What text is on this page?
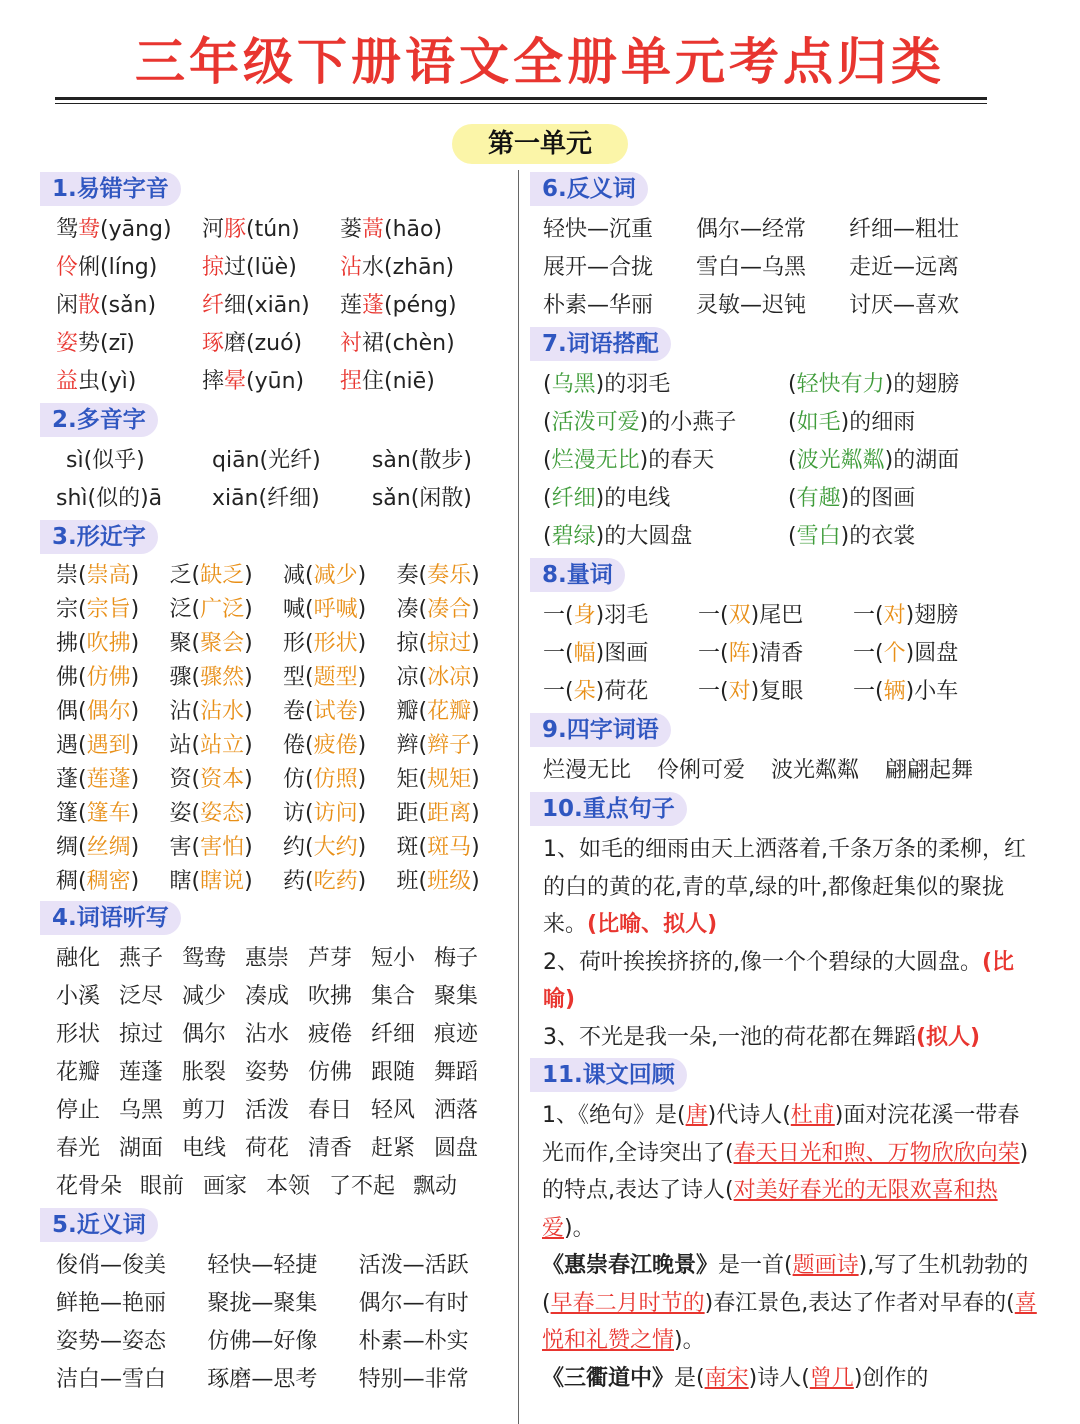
三年级下册语文全册单元考点归类
第一单元
1.易错字音
鸳鸯(yāng)	河豚(tún)	蒌蒿(hāo)
伶俐(líng)	掠过(lüè)	沾水(zhān)
闲散(sǎn)	纤细(xiān)	莲蓬(péng)
姿势(zī)	琢磨(zuó)	衬裙(chèn)
益虫(yì)	摔晕(yūn)	捏住(niē)
2.多音字
sì(似乎)	qiān(光纤)	sàn(散步)
shì(似的)ā	xiān(纤细)	sǎn(闲散)
3.形近字
崇(崇高)	乏(缺乏)	减(减少)	奏(奏乐)
宗(宗旨)	泛(广泛)	喊(呼喊)	凑(凑合)
拂(吹拂)	聚(聚会)	形(形状)	掠(掠过)
佛(仿佛)	骤(骤然)	型(题型)	凉(冰凉)
偶(偶尔)	沾(沾水)	卷(试卷)	瓣(花瓣)
遇(遇到)	站(站立)	倦(疲倦)	辫(辫子)
蓬(莲蓬)	资(资本)	仿(仿照)	矩(规矩)
篷(篷车)	姿(姿态)	访(访问)	距(距离)
绸(丝绸)	害(害怕)	约(大约)	斑(斑马)
稠(稠密)	瞎(瞎说)	药(吃药)	班(班级)
4.词语听写
融化 燕子 鸳鸯 惠崇 芦芽 短小 梅子
小溪 泛尽 减少 凑成 吹拂 集合 聚集
形状 掠过 偶尔 沾水 疲倦 纤细 痕迹
花瓣 莲蓬 胀裂 姿势 仿佛 跟随 舞蹈
停止 乌黑 剪刀 活泼 春日 轻风 洒落
春光 湖面 电线 荷花 清香 赶紧 圆盘
花骨朵 眼前 画家 本领 了不起 飘动
5.近义词
俊俏—俊美	轻快—轻捷	活泼—活跃
鲜艳—艳丽	聚拢—聚集	偶尔—有时
姿势—姿态	仿佛—好像	朴素—朴实
洁白—雪白	琢磨—思考	特别—非常
6.反义词
轻快—沉重	偶尔—经常	纤细—粗壮
展开—合拢	雪白—乌黑	走近—远离
朴素—华丽	灵敏—迟钝	讨厌—喜欢
7.词语搭配
(乌黑)的羽毛	(轻快有力)的翅膀
(活泼可爱)的小燕子	(如毛)的细雨
(烂漫无比)的春天	(波光粼粼)的湖面
(纤细)的电线	(有趣)的图画
(碧绿)的大圆盘	(雪白)的衣裳
8.量词
一(身)羽毛	一(双)尾巴	一(对)翅膀
一(幅)图画	一(阵)清香	一(个)圆盘
一(朵)荷花	一(对)复眼	一(辆)小车
9.四字词语
烂漫无比	伶俐可爱	波光粼粼	翩翩起舞
10.重点句子
1、如毛的细雨由天上洒落着,千条万条的柔柳，红的白的黄的花,青的草,绿的叶,都像赶集似的聚拢来。(比喻、拟人)
2、荷叶挨挨挤挤的,像一个个碧绿的大圆盘。(比喻)
3、不光是我一朵,一池的荷花都在舞蹈(拟人)
11.课文回顾
1、《绝句》是(唐)代诗人(杜甫)面对浣花溪一带春光而作,全诗突出了(春天日光和煦、万物欣欣向荣)的特点,表达了诗人(对美好春光的无限欢喜和热爱)。
《惠崇春江晚景》是一首(题画诗),写了生机勃勃的(早春二月时节的)春江景色,表达了作者对早春的(喜悦和礼赞之情)。
《三衢道中》是(南宋)诗人(曾几)创作的
